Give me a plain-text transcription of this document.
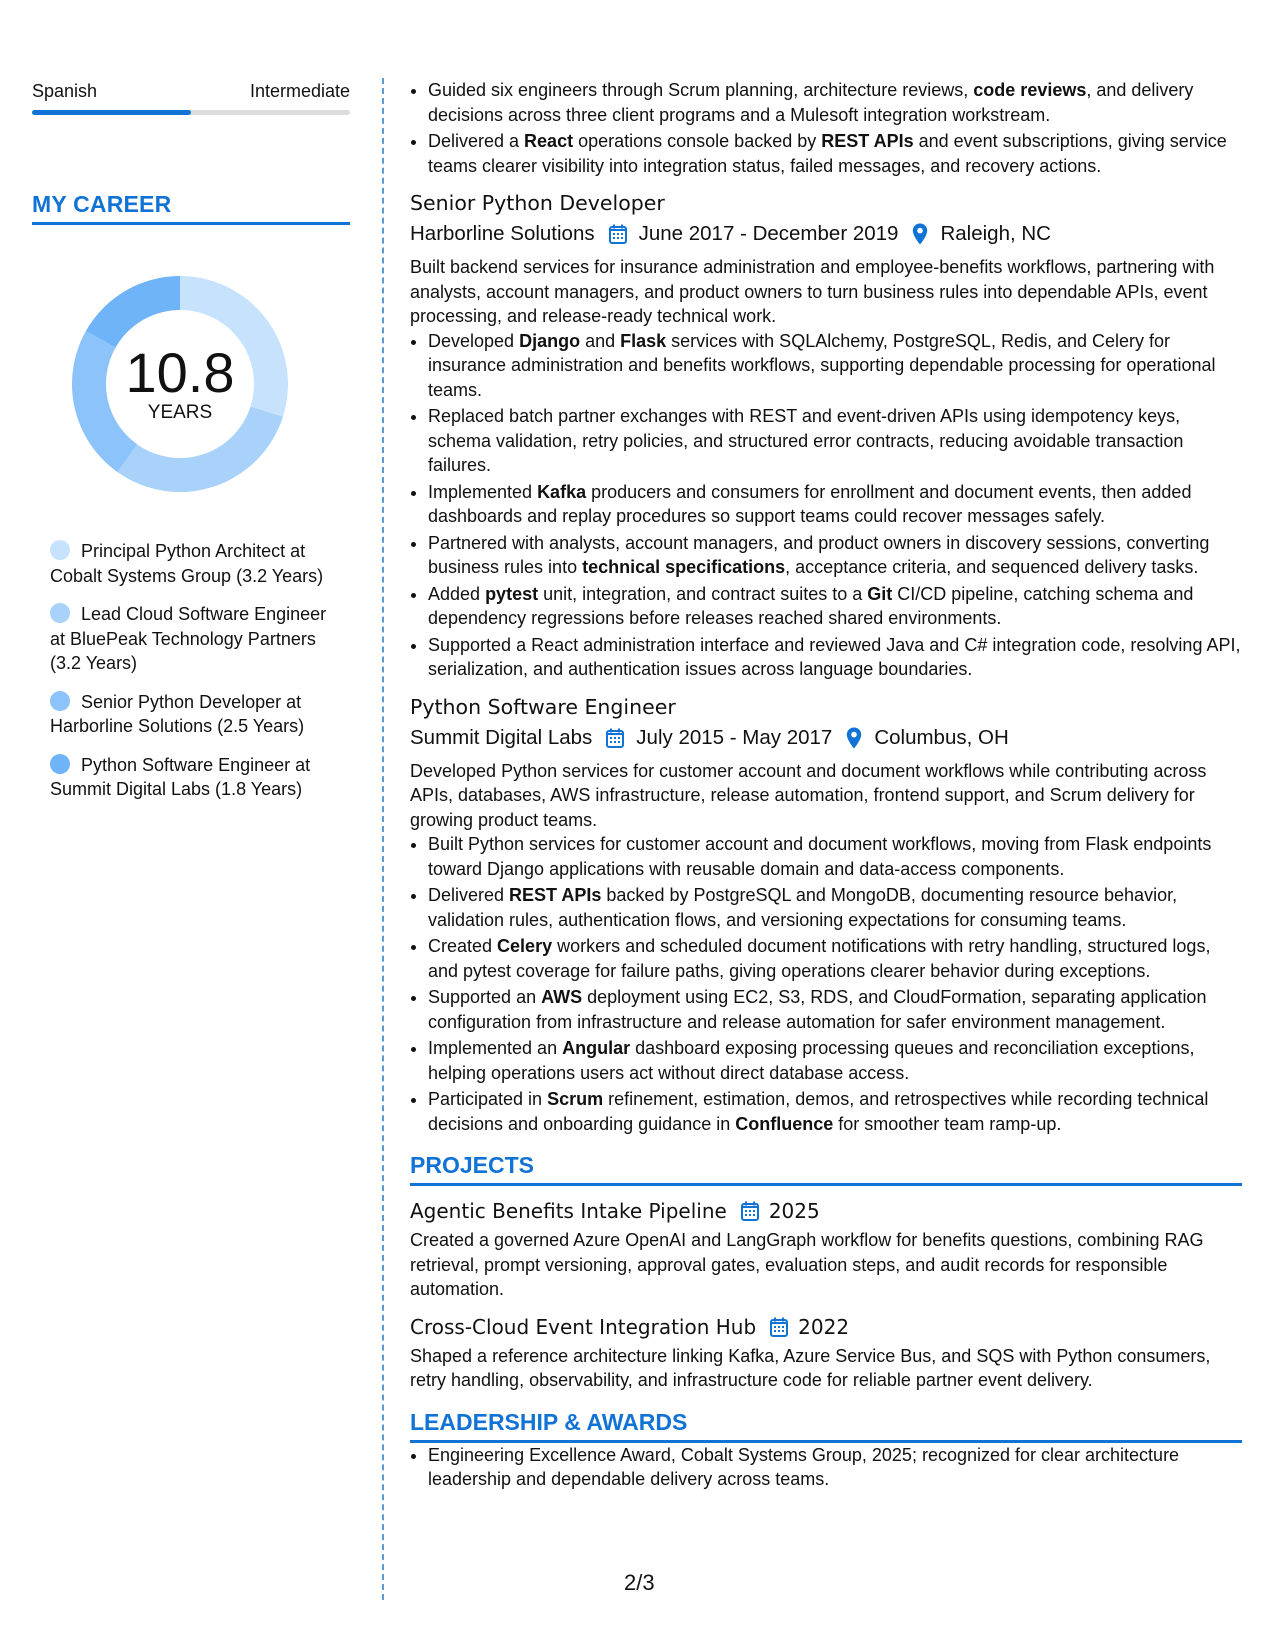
Spanish	Intermediate
MY CAREER
10.8
YEARS
Principal Python Architect at Cobalt Systems Group (3.2 Years)
Lead Cloud Software Engineer at BluePeak Technology Partners (3.2 Years)
Senior Python Developer at Harborline Solutions (2.5 Years)
Python Software Engineer at Summit Digital Labs (1.8 Years)
• Guided six engineers through Scrum planning, architecture reviews, code reviews, and delivery decisions across three client programs and a Mulesoft integration workstream.
• Delivered a React operations console backed by REST APIs and event subscriptions, giving service teams clearer visibility into integration status, failed messages, and recovery actions.
Senior Python Developer
Harborline Solutions June 2017 - December 2019 Raleigh, NC

Built backend services for insurance administration and employee-benefits workflows, partnering with analysts, account managers, and product owners to turn business rules into dependable APIs, event processing, and release-ready technical work.

• Developed Django and Flask services with SQLAlchemy, PostgreSQL, Redis, and Celery for insurance administration and benefits workflows, supporting dependable processing for operational teams.
• Replaced batch partner exchanges with REST and event-driven APIs using idempotency keys, schema validation, retry policies, and structured error contracts, reducing avoidable transaction failures.
• Implemented Kafka producers and consumers for enrollment and document events, then added dashboards and replay procedures so support teams could recover messages safely.
• Partnered with analysts, account managers, and product owners in discovery sessions, converting business rules into technical specifications, acceptance criteria, and sequenced delivery tasks.
• Added pytest unit, integration, and contract suites to a Git CI/CD pipeline, catching schema and dependency regressions before releases reached shared environments.
• Supported a React administration interface and reviewed Java and C# integration code, resolving API, serialization, and authentication issues across language boundaries.
Python Software Engineer
Summit Digital Labs July 2015 - May 2017 Columbus, OH

Developed Python services for customer account and document workflows while contributing across APIs, databases, AWS infrastructure, release automation, frontend support, and Scrum delivery for growing product teams.

• Built Python services for customer account and document workflows, moving from Flask endpoints toward Django applications with reusable domain and data-access components.
• Delivered REST APIs backed by PostgreSQL and MongoDB, documenting resource behavior, validation rules, authentication flows, and versioning expectations for consuming teams.
• Created Celery workers and scheduled document notifications with retry handling, structured logs, and pytest coverage for failure paths, giving operations clearer behavior during exceptions.
• Supported an AWS deployment using EC2, S3, RDS, and CloudFormation, separating application configuration from infrastructure and release automation for safer environment management.
• Implemented an Angular dashboard exposing processing queues and reconciliation exceptions, helping operations users act without direct database access.
• Participated in Scrum refinement, estimation, demos, and retrospectives while recording technical decisions and onboarding guidance in Confluence for smoother team ramp-up.
PROJECTS
Agentic Benefits Intake Pipeline 2025

Created a governed Azure OpenAI and LangGraph workflow for benefits questions, combining RAG retrieval, prompt versioning, approval gates, evaluation steps, and audit records for responsible automation.

Cross-Cloud Event Integration Hub 2022

Shaped a reference architecture linking Kafka, Azure Service Bus, and SQS with Python consumers, retry handling, observability, and infrastructure code for reliable partner event delivery.

LEADERSHIP & AWARDS
• Engineering Excellence Award, Cobalt Systems Group, 2025; recognized for clear architecture leadership and dependable delivery across teams.
2/3
